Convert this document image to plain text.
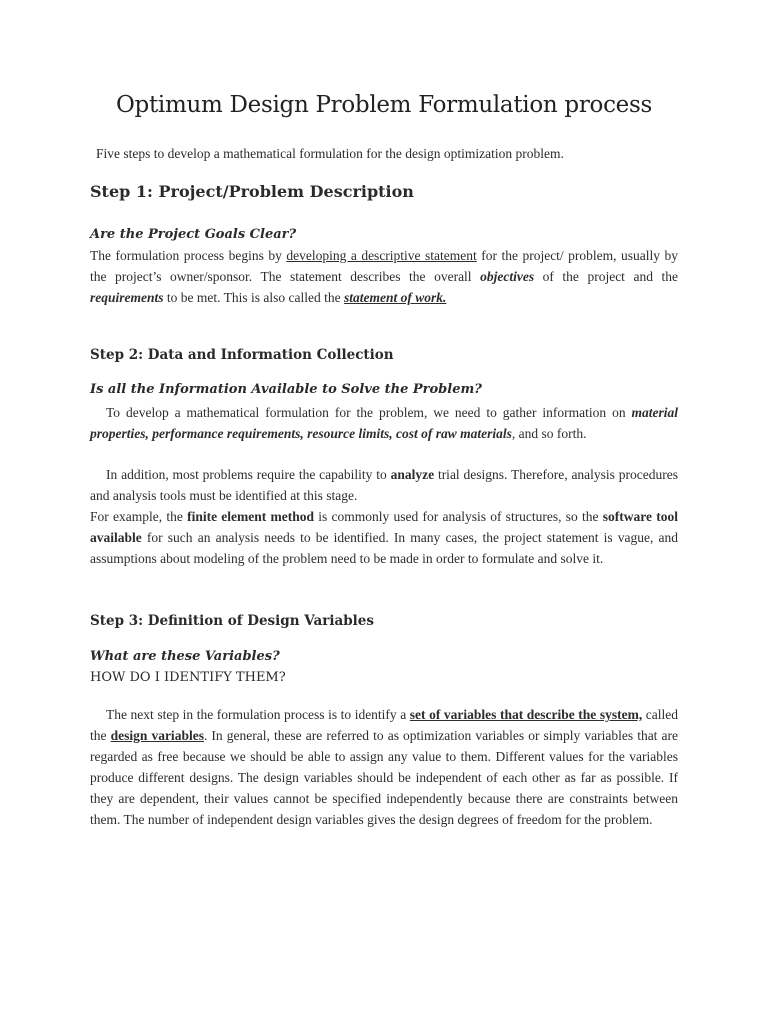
Optimum Design Problem Formulation process
Five steps to develop a mathematical formulation for the design optimization problem.
Step 1: Project/Problem Description
Are the Project Goals Clear?
The formulation process begins by developing a descriptive statement for the project/ problem, usually by the project’s owner/sponsor. The statement describes the overall objectives of the project and the requirements to be met. This is also called the statement of work.
Step 2: Data and Information Collection
Is all the Information Available to Solve the Problem?
To develop a mathematical formulation for the problem, we need to gather information on material properties, performance requirements, resource limits, cost of raw materials, and so forth.
In addition, most problems require the capability to analyze trial designs. Therefore, analysis procedures and analysis tools must be identified at this stage.
For example, the finite element method is commonly used for analysis of structures, so the software tool available for such an analysis needs to be identified. In many cases, the project statement is vague, and assumptions about modeling of the problem need to be made in order to formulate and solve it.
Step 3: Definition of Design Variables
What are these Variables?
HOW DO I IDENTIFY THEM?
The next step in the formulation process is to identify a set of variables that describe the system, called the design variables. In general, these are referred to as optimization variables or simply variables that are regarded as free because we should be able to assign any value to them. Different values for the variables produce different designs. The design variables should be independent of each other as far as possible. If they are dependent, their values cannot be specified independently because there are constraints between them. The number of independent design variables gives the design degrees of freedom for the problem.
